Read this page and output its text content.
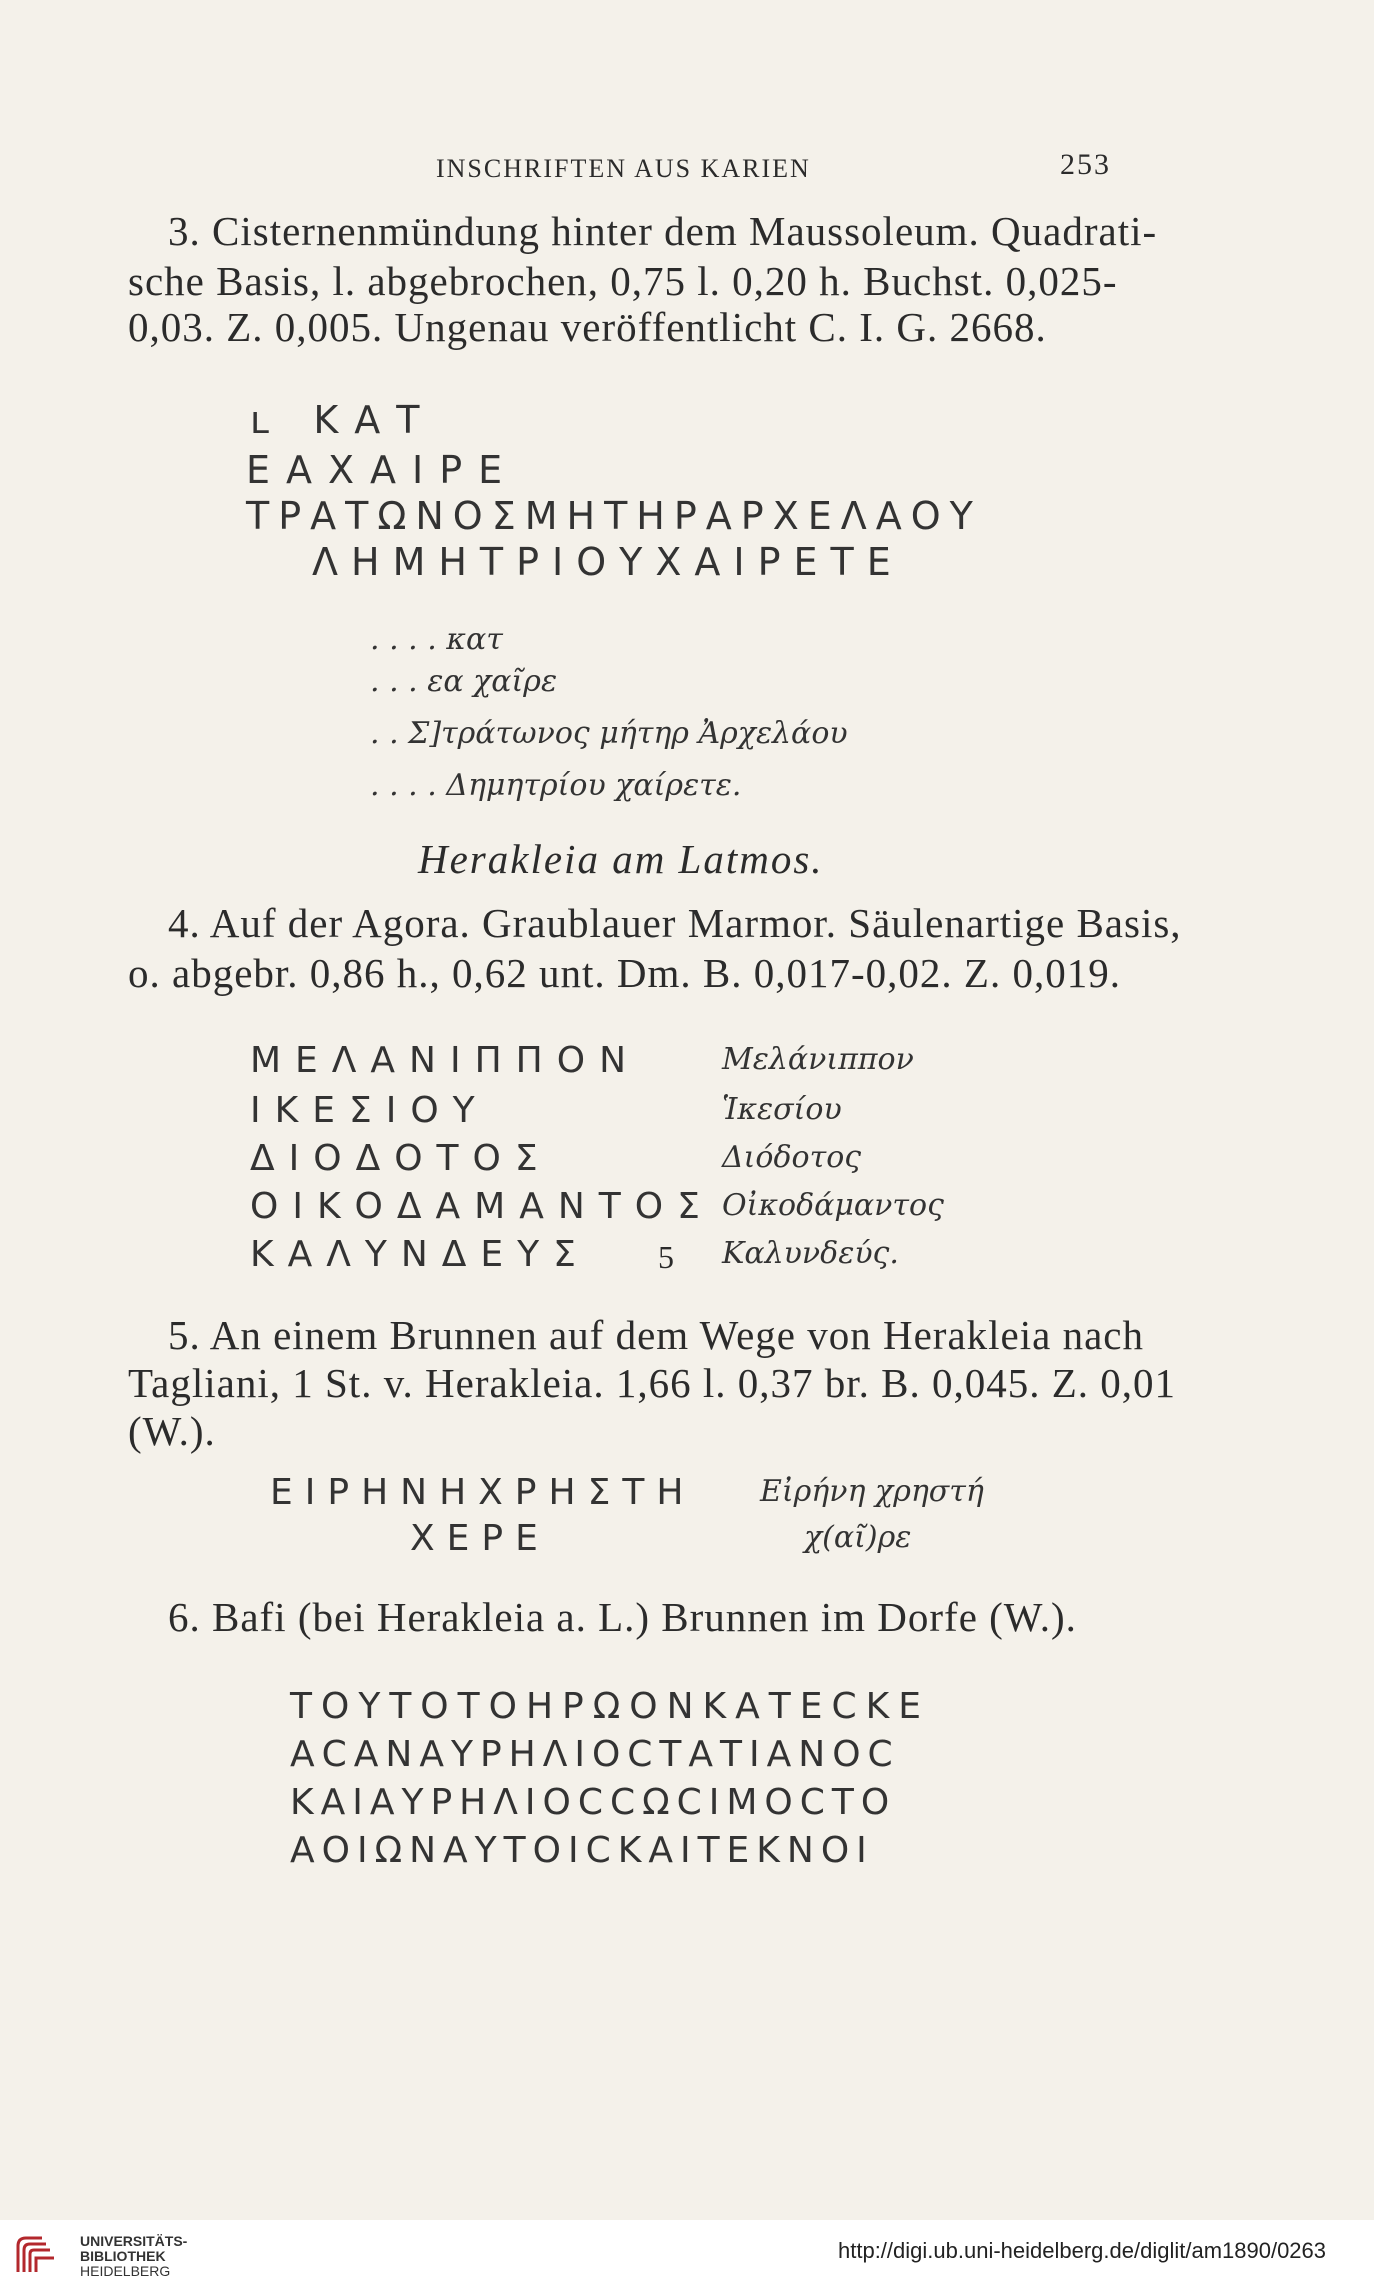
INSCHRIFTEN AUS KARIEN	253
3. Cisternenmündung hinter dem Maussoleum. Quadrati-
sche Basis, l. abgebrochen, 0,75 l. 0,20 h. Buchst. 0,025-
0,03. Z. 0,005. Ungenau veröffentlicht C. I. G. 2668.
ʟ ΚΑΤ
ΕΑΧΑΙΡΕ
ΤΡΑΤΩΝΟΣΜΗΤΗΡΑΡΧΕΛΑΟΥ
ΛΗΜΗΤΡΙΟΥΧΑΙΡΕΤΕ
. . . . κατ
. . . εα χαῖρε
. . Σ]τράτωνος μήτηρ Ἀρχελάου
. . . . Δημητρίου χαίρετε.
Herakleia am Latmos.
4. Auf der Agora. Graublauer Marmor. Säulenartige Basis,
o. abgebr. 0,86 h., 0,62 unt. Dm. B. 0,017-0,02. Z. 0,019.
ΜΕΛΑΝΙΠΠΟΝ	Μελάνιππον
ΙΚΕΣΙΟΥ	Ἱκεσίου
ΔΙΟΔΟΤΟΣ	Διόδοτος
ΟΙΚΟΔΑΜΑΝΤΟΣ Οἰκοδάμαντος
ΚΑΛΥΝΔΕΥΣ 5 Καλυνδεύς.
5. An einem Brunnen auf dem Wege von Herakleia nach
Tagliani, 1 St. v. Herakleia. 1,66 l. 0,37 br. B. 0,045. Z. 0,01
(W.).
ΕΙΡΗΝΗΧΡΗΣΤΗ Εἰρήνη χρηστή
ΧΕΡΕ	χ(αῖ)ρε
6. Bafi (bei Herakleia a. L.) Brunnen im Dorfe (W.).
ΤΟΥΤΟΤΟΗΡΩΟΝΚΑΤΕϹΚΕ
ΑϹΑΝΑΥΡΗΛΙΟϹΤΑΤΙΑΝΟϹ
ΚΑΙΑΥΡΗΛΙΟϹϹΩϹΙΜΟϹΤΟ
ΑΟΙΩΝΑΥΤΟΙϹΚΑΙΤΕΚΝΟΙ
UNIVERSITÄTS-
BIBLIOTHEK
HEIDELBERG
http://digi.ub.uni-heidelberg.de/diglit/am1890/0263
